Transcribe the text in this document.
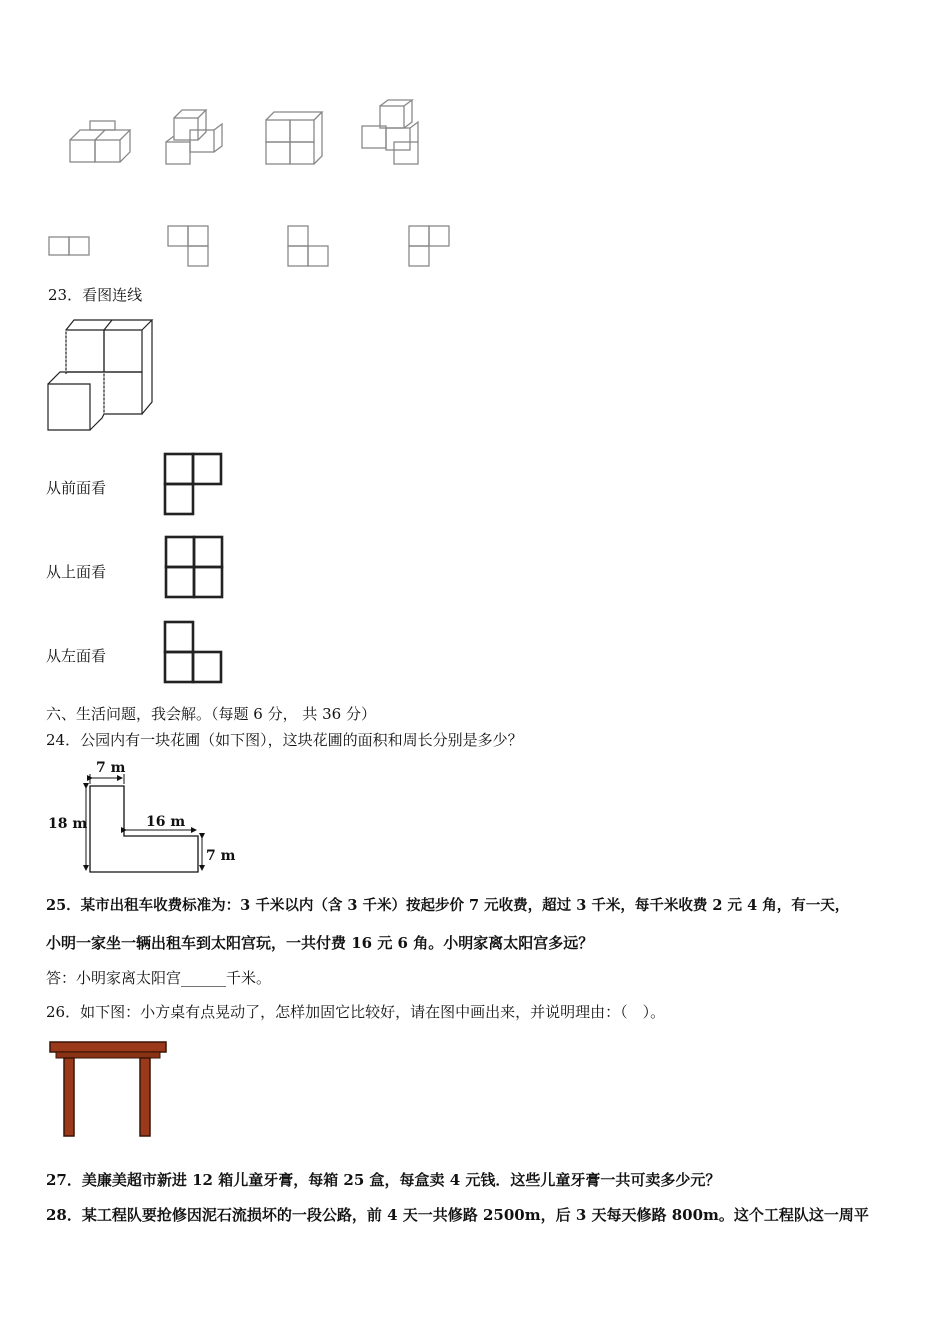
23．看图连线
从前面看
从上面看
从左面看
六、生活问题，我会解。（每题 6 分， 共 36 分）
24．公园内有一块花圃（如下图），这块花圃的面积和周长分别是多少？
7 m
18 m	16 m
7 m
25．某市出租车收费标准为：3 千米以内（含 3 千米）按起步价 7 元收费，超过 3 千米，每千米收费 2 元 4 角，有一天，
小明一家坐一辆出租车到太阳宫玩，一共付费 16 元 6 角。小明家离太阳宫多远？
答：小明家离太阳宫______千米。
26．如下图：小方桌有点晃动了，怎样加固它比较好，请在图中画出来，并说明理由：（　）。
27．美廉美超市新进 12 箱儿童牙膏，每箱 25 盒，每盒卖 4 元钱．这些儿童牙膏一共可卖多少元？
28．某工程队要抢修因泥石流损坏的一段公路，前 4 天一共修路 2500m，后 3 天每天修路 800m。这个工程队这一周平
